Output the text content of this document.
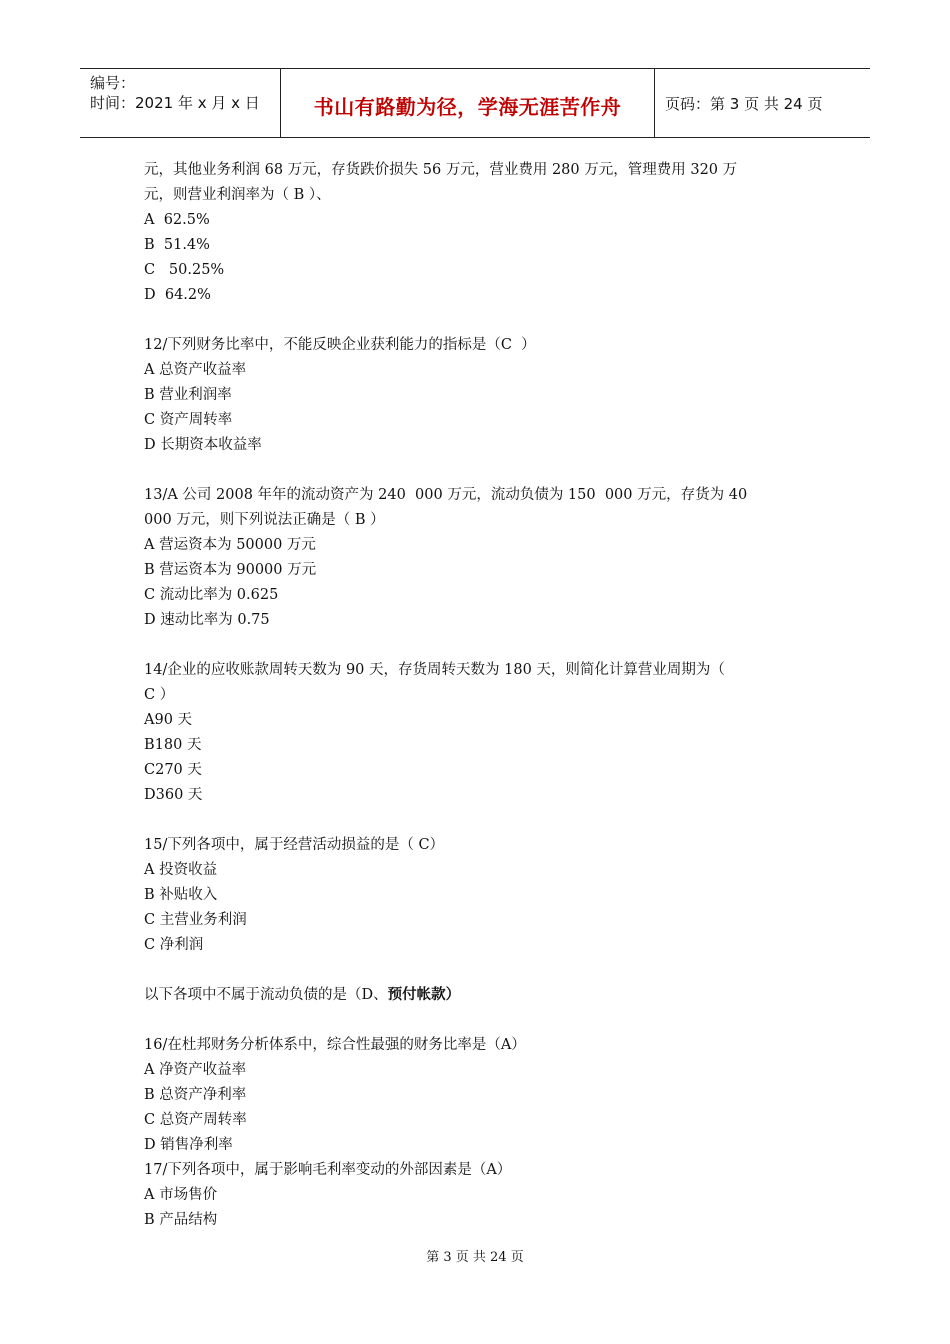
编号：
时间：2021 年 x 月 x 日	书山有路勤为径，学海无涯苦作舟	页码：第 3 页 共 24 页
元，其他业务利润 68 万元，存货跌价损失 56 万元，营业费用 280 万元，管理费用 320 万
元，则营业利润率为（ B ）、
A  62.5%
B  51.4%
C   50.25%
D  64.2%
12/下列财务比率中，不能反映企业获利能力的指标是（C  ）
A 总资产收益率
B 营业利润率
C 资产周转率
D 长期资本收益率
13/A 公司 2008 年年的流动资产为 240  000 万元，流动负债为 150  000 万元，存货为 40
000 万元，则下列说法正确是（ B ）
A 营运资本为 50000 万元
B 营运资本为 90000 万元
C 流动比率为 0.625
D 速动比率为 0.75
14/企业的应收账款周转天数为 90 天，存货周转天数为 180 天，则简化计算营业周期为（
C ）
A90 天
B180 天
C270 天
D360 天
15/下列各项中，属于经营活动损益的是（ C）
A 投资收益
B 补贴收入
C 主营业务利润
C 净利润
以下各项中不属于流动负债的是（D、预付帐款）
16/在杜邦财务分析体系中，综合性最强的财务比率是（A）
A 净资产收益率
B 总资产净利率
C 总资产周转率
D 销售净利率
17/下列各项中，属于影响毛利率变动的外部因素是（A）
A 市场售价
B 产品结构
第 3 页 共 24 页
